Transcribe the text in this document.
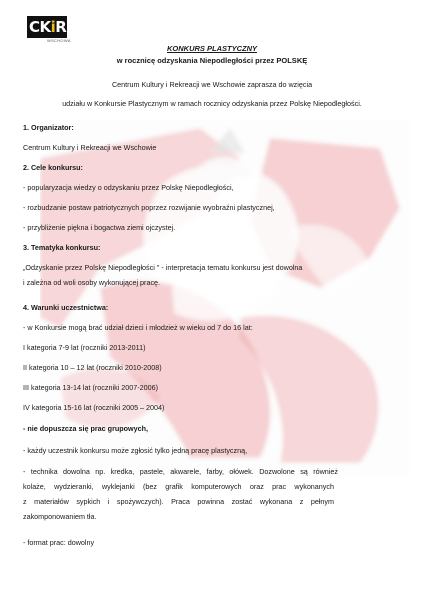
CKiR
WSCHOWA
KONKURS PLASTYCZNY
w rocznicę odzyskania Niepodległości przez POLSKĘ
Centrum Kultury i Rekreacji we Wschowie zaprasza do wzięcia
udziału w Konkursie Plastycznym w ramach rocznicy odzyskania przez Polskę Niepodległości.
1. Organizator:
Centrum Kultury i Rekreacji we Wschowie
2. Cele konkursu:
- popularyzacja wiedzy o odzyskaniu przez Polskę Niepodległości,
- rozbudzanie postaw patriotycznych poprzez rozwijanie wyobraźni plastycznej,
- przybliżenie piękna i bogactwa ziemi ojczystej.
3. Tematyka konkursu:
„Odzyskanie przez Polskę Niepodległości " - interpretacja tematu konkursu jest dowolna
i zależna od woli osoby wykonującej pracę.
4. Warunki uczestnictwa:
- w Konkursie mogą brać udział dzieci i młodzież w wieku od 7 do 16 lat:
I kategoria 7-9 lat (roczniki 2013-2011)
II kategoria 10 – 12 lat (roczniki 2010-2008)
III kategoria 13-14 lat (roczniki 2007-2006)
IV kategoria 15-16 lat (roczniki 2005 – 2004)
- nie dopuszcza się prac grupowych,
- każdy uczestnik konkursu może zgłosić tylko jedną pracę plastyczną,
- technika dowolna np. kredka, pastele, akwarele, farby, ołówek. Dozwolone są również
kolaże, wydzieranki, wyklejanki (bez grafik komputerowych oraz prac wykonanych
z materiałów sypkich i spożywczych). Praca powinna zostać wykonana z pełnym
zakomponowaniem tła.
- format prac: dowolny
